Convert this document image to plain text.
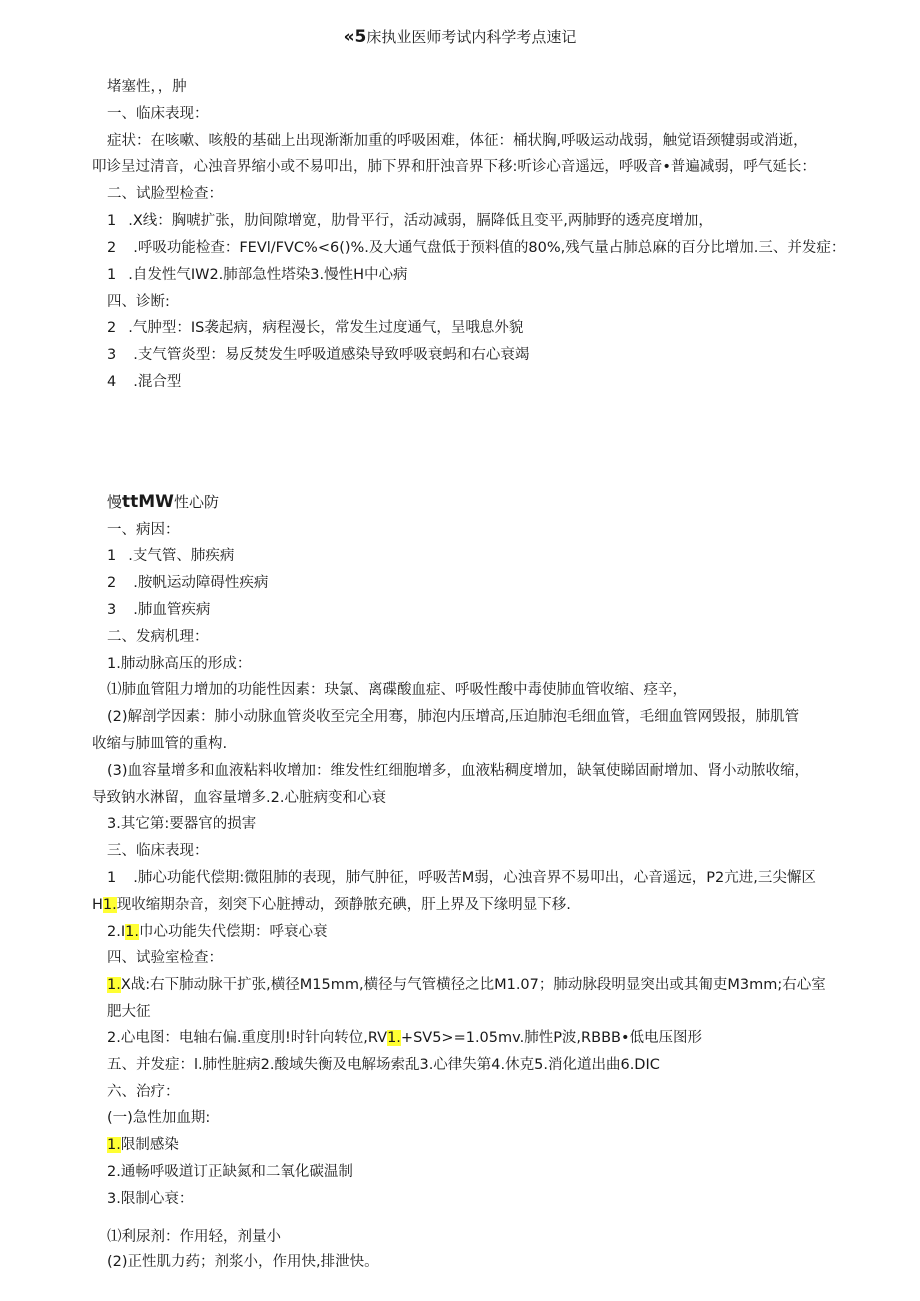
«5床执业医师考试内科学考点速记
堵塞性，，肿
一、临床表现：
症状：在咳嗽、咳般的基础上出现渐渐加重的呼吸困难，体征：桶状胸,呼吸运动战弱，触觉语颈犍弱或消逝，
叩诊呈过清音，心浊音界缩小或不易叩出，肺下界和肝浊音界下移:听诊心音遥远，呼吸音•普遍减弱，呼气延长：
二、试脸型检查：
1 .X线：胸唬扩张，肋间隙增宽，肋骨平行，活动减弱，膈降低且变平,两肺野的透亮度增加，
2 .呼吸功能检查：FEVl/FVC%<6()%.及大通气盘低于预料值的80%,残气量占肺总麻的百分比增加.三、并发症：
1 .自发性气IW2.肺部急性塔染3.慢性H中心病
四、诊断:
2 .气肿型：IS袭起病，病程漫长，常发生过度通气，呈哦息外貌
3 .支气管炎型：易反焚发生呼吸道感染导致呼吸衰蚂和右心衰竭
4 .混合型
慢ttMW性心防
一、病因：
1 .支气管、肺疾病
2 .胺帆运动障碍性疾病
3 .肺血管疾病
二、发病机理：
1.肺动脉高压的形成：
⑴肺血管阻力增加的功能性因素：玦氯、离碟酸血症、呼吸性酸中毒使肺血管收缩、痉辛，
(2)解剖学因素：肺小动脉血管炎收至完全用骞，肺泡内压增高,压迫肺泡毛细血管，毛细血管网毁报，肺肌管
收缩与肺皿管的重构.
(3)血容量增多和血液粘料收增加：维发性红细胞增多，血液粘稠度增加，缺氧使睇固耐增加、肾小动脓收缩，
导致钠水淋留，血容量增多.2.心脏病变和心衰
3.其它第:要器官的损害
三、临床表现：
1 .肺心功能代偿期:微阻肺的表现，肺气肿征，呼吸苦M弱，心浊音界不易叩出，心音遥远，P2亢进,三尖懈区
H1.现收缩期杂音，刻突下心脏搏动，颈静脓充碘，肝上界及下缘明显下移.
2.I1.巾心功能失代偿期：呼衰心衰
四、试验室检查：
1.X战:右下肺动脉干扩张,横径M15mm,横径与气管横径之比M1.07；肺动脉段明显突出或其匍吏M3mm;右心室
肥大征
2.心电图：电轴右偏.重度刖!时针向转位,RV1.+SV5>=1.05mv.肺性P波,RBBB•低电压图形
五、并发症：l.肺性脏病2.酸域失衡及电解场索乱3.心律失第4.休克5.消化道出曲6.DIC
六、治疗：
(一)急性加血期:
1.限制感染
2.通畅呼吸道订正缺氮和二氧化碳温制
3.限制心衰：
⑴利尿剂：作用轻，剂量小
(2)正性肌力药；剂浆小，作用快,排泄快。
